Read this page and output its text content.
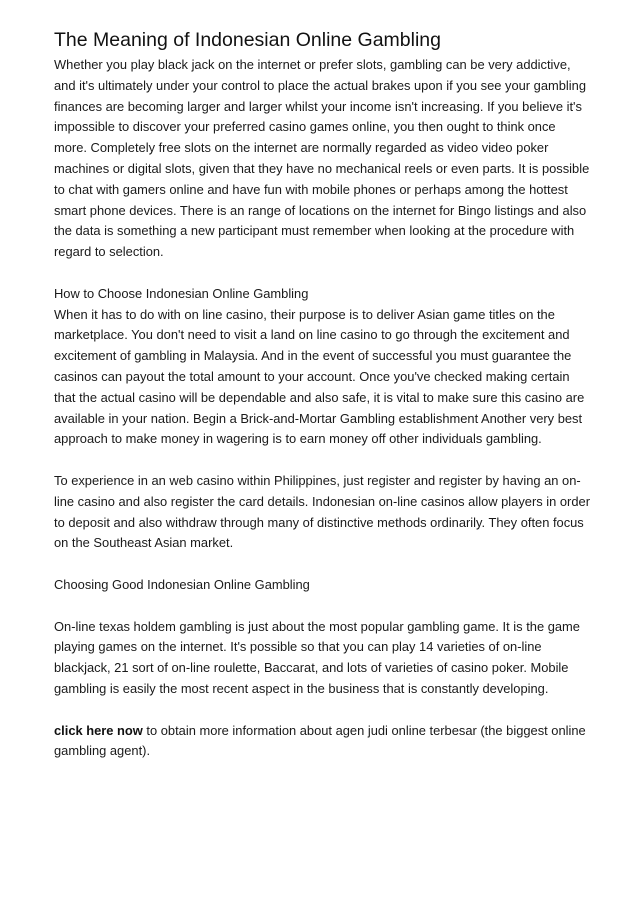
The Meaning of Indonesian Online Gambling

Whether you play black jack on the internet or prefer slots, gambling can be very addictive, and it's ultimately under your control to place the actual brakes upon if you see your gambling finances are becoming larger and larger whilst your income isn't increasing. If you believe it's impossible to discover your preferred casino games online, you then ought to think once more. Completely free slots on the internet are normally regarded as video video poker machines or digital slots, given that they have no mechanical reels or even parts. It is possible to chat with gamers online and have fun with mobile phones or perhaps among the hottest smart phone devices. There is an range of locations on the internet for Bingo listings and also the data is something a new participant must remember when looking at the procedure with regard to selection.

How to Choose Indonesian Online Gambling

When it has to do with on line casino, their purpose is to deliver Asian game titles on the marketplace. You don't need to visit a land on line casino to go through the excitement and excitement of gambling in Malaysia. And in the event of successful you must guarantee the casinos can payout the total amount to your account. Once you've checked making certain that the actual casino will be dependable and also safe, it is vital to make sure this casino are available in your nation. Begin a Brick-and-Mortar Gambling establishment Another very best approach to make money in wagering is to earn money off other individuals gambling.

To experience in an web casino within Philippines, just register and register by having an on-line casino and also register the card details. Indonesian on-line casinos allow players in order to deposit and also withdraw through many of distinctive methods ordinarily. They often focus on the Southeast Asian market.

Choosing Good Indonesian Online Gambling

On-line texas holdem gambling is just about the most popular gambling game. It is the game playing games on the internet. It's possible so that you can play 14 varieties of on-line blackjack, 21 sort of on-line roulette, Baccarat, and lots of varieties of casino poker. Mobile gambling is easily the most recent aspect in the business that is constantly developing.

click here now to obtain more information about agen judi online terbesar (the biggest online gambling agent).
